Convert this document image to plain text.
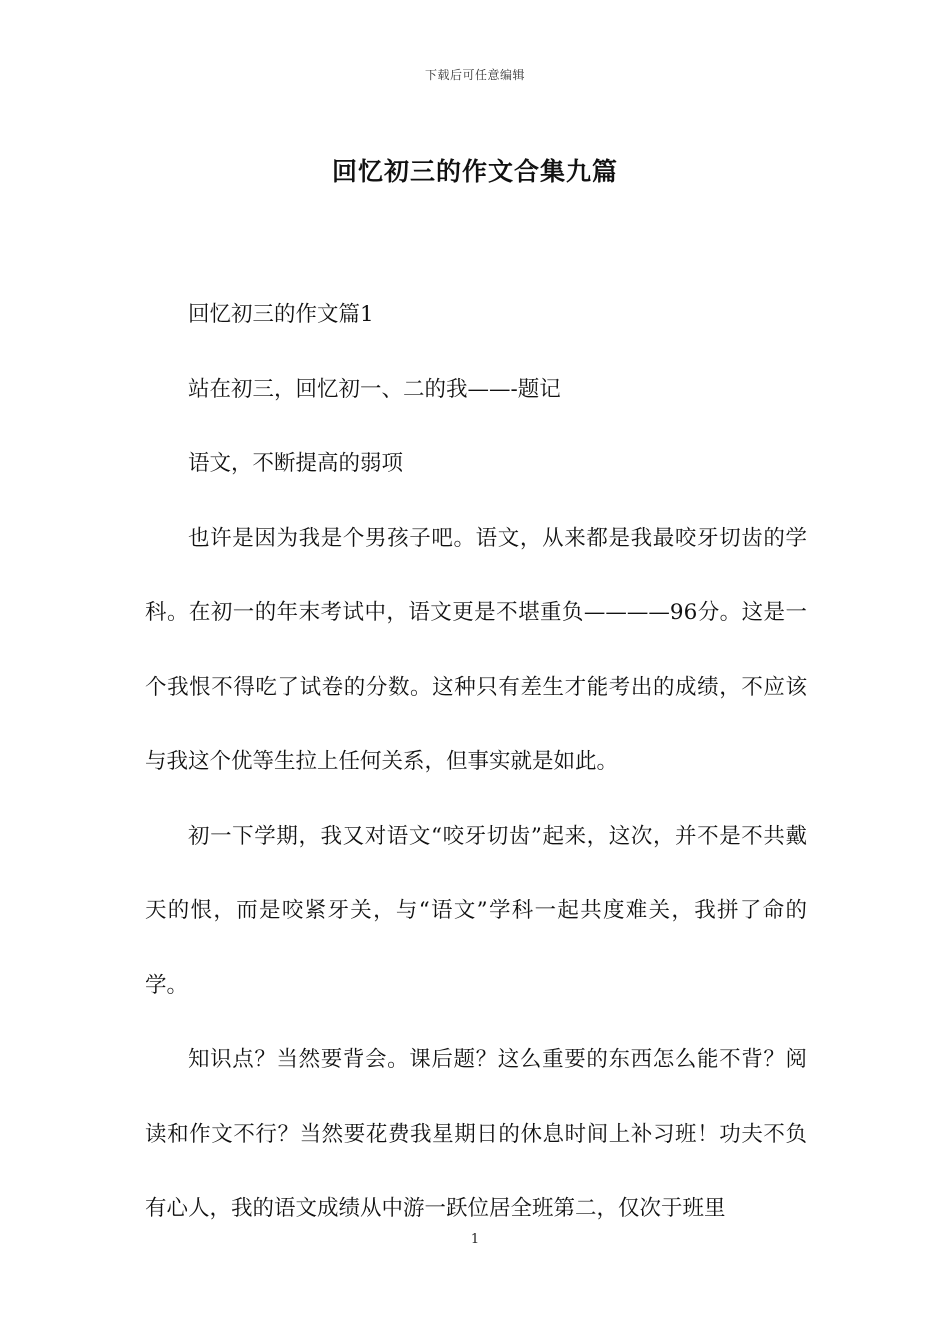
下载后可任意编辑
回忆初三的作文合集九篇

回忆初三的作文篇1

站在初三，回忆初一、二的我——-题记

语文，不断提高的弱项

也许是因为我是个男孩子吧。语文，从来都是我最咬牙切齿的学科。在初一的年末考试中，语文更是不堪重负————96分。这是一个我恨不得吃了试卷的分数。这种只有差生才能考出的成绩，不应该与我这个优等生拉上任何关系，但事实就是如此。

初一下学期，我又对语文“咬牙切齿”起来，这次，并不是不共戴天的恨，而是咬紧牙关，与“语文”学科一起共度难关，我拼了命的学。

知识点？当然要背会。课后题？这么重要的东西怎么能不背？阅读和作文不行？当然要花费我星期日的休息时间上补习班！功夫不负有心人，我的语文成绩从中游一跃位居全班第二，仅次于班里

1
